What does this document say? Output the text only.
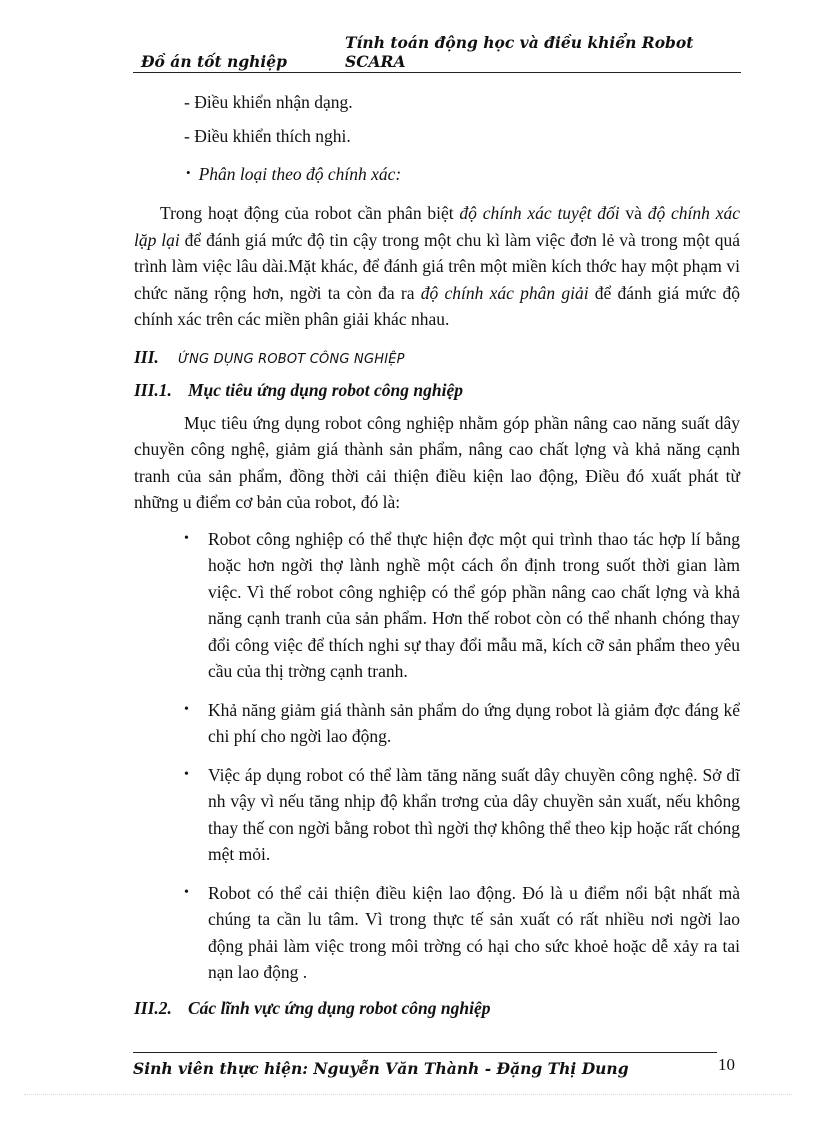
Đồ án tốt nghiệp
Tính toán động học và điều khiển Robot SCARA

- Điều khiển nhận dạng.

- Điều khiển thích nghi.

• Phân loại theo độ chính xác:

Trong hoạt động của robot cần phân biệt độ chính xác tuyệt đối và độ chính xác lặp lại để đánh giá mức độ tin cậy trong một chu kì làm việc đơn lẻ và trong một quá trình làm việc lâu dài.Mặt khác, để đánh giá trên một miền kích thớc hay một phạm vi chức năng rộng hơn, ngời ta còn đa ra độ chính xác phân giải để đánh giá mức độ chính xác trên các miền phân giải khác nhau.

III. ỨNG DỤNG ROBOT CÔNG NGHIỆP

III.1. Mục tiêu ứng dụng robot công nghiệp

Mục tiêu ứng dụng robot công nghiệp nhằm góp phần nâng cao năng suất dây chuyền công nghệ, giảm giá thành sản phẩm, nâng cao chất lợng và khả năng cạnh tranh của sản phẩm, đồng thời cải thiện điều kiện lao động, Điều đó xuất phát từ những u điểm cơ bản của robot, đó là:

• Robot công nghiệp có thể thực hiện đợc một qui trình thao tác hợp lí bằng hoặc hơn ngời thợ lành nghề một cách ổn định trong suốt thời gian làm việc. Vì thế robot công nghiệp có thể góp phần nâng cao chất lợng và khả năng cạnh tranh của sản phẩm. Hơn thế robot còn có thể nhanh chóng thay đổi công việc để thích nghi sự thay đổi mẫu mã, kích cỡ sản phẩm theo yêu cầu của thị trờng cạnh tranh.
• Khả năng giảm giá thành sản phẩm do ứng dụng robot là giảm đợc đáng kể chi phí cho ngời lao động.
• Việc áp dụng robot có thể làm tăng năng suất dây chuyền công nghệ. Sở dĩ nh vậy vì nếu tăng nhịp độ khẩn trơng của dây chuyền sản xuất, nếu không thay thế con ngời bằng robot thì ngời thợ không thể theo kịp hoặc rất chóng mệt mỏi.
• Robot có thể cải thiện điều kiện lao động. Đó là u điểm nổi bật nhất mà chúng ta cần lu tâm. Vì trong thực tế sản xuất có rất nhiều nơi ngời lao động phải làm việc trong môi trờng có hại cho sức khoẻ hoặc dễ xảy ra tai nạn lao động .

III.2. Các lĩnh vực ứng dụng robot công nghiệp

Sinh viên thực hiện: Nguyễn Văn Thành - Đặng Thị Dung	10
